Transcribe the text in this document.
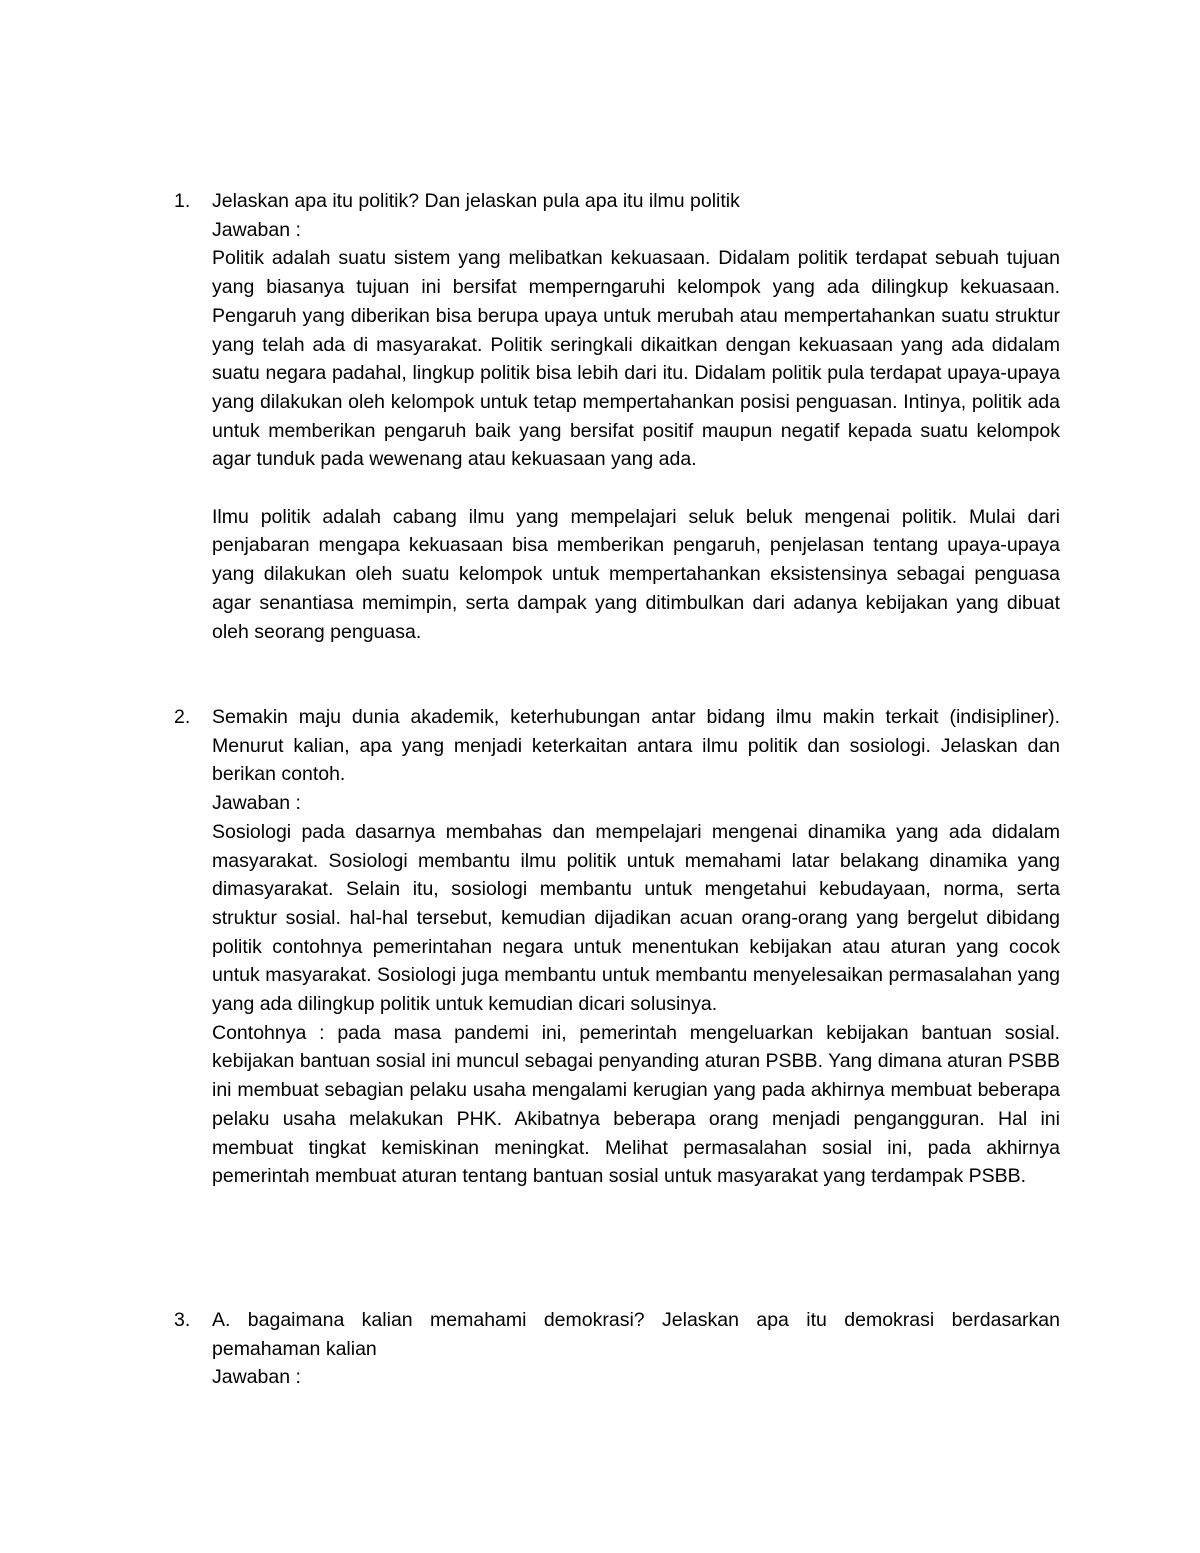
1.	Jelaskan apa itu politik? Dan jelaskan pula apa itu ilmu politik
Jawaban :
Politik adalah suatu sistem yang melibatkan kekuasaan. Didalam politik terdapat sebuah tujuan yang biasanya tujuan ini bersifat memperngaruhi kelompok yang ada dilingkup kekuasaan. Pengaruh yang diberikan bisa berupa upaya untuk merubah atau mempertahankan suatu struktur yang telah ada di masyarakat. Politik seringkali dikaitkan dengan kekuasaan yang ada didalam suatu negara padahal, lingkup politik bisa lebih dari itu. Didalam politik pula terdapat upaya-upaya yang dilakukan oleh kelompok untuk tetap mempertahankan posisi penguasan. Intinya, politik ada untuk memberikan pengaruh baik yang bersifat positif maupun negatif kepada suatu kelompok agar tunduk pada wewenang atau kekuasaan yang ada.
Ilmu politik adalah cabang ilmu yang mempelajari seluk beluk mengenai politik. Mulai dari penjabaran mengapa kekuasaan bisa memberikan pengaruh, penjelasan tentang upaya-upaya yang dilakukan oleh suatu kelompok untuk mempertahankan eksistensinya sebagai penguasa agar senantiasa memimpin, serta dampak yang ditimbulkan dari adanya kebijakan yang dibuat oleh seorang penguasa.
2.	Semakin maju dunia akademik, keterhubungan antar bidang ilmu makin terkait (indisipliner). Menurut kalian, apa yang menjadi keterkaitan antara ilmu politik dan sosiologi. Jelaskan dan berikan contoh.
Jawaban :
Sosiologi pada dasarnya membahas dan mempelajari mengenai dinamika yang ada didalam masyarakat. Sosiologi membantu ilmu politik untuk memahami latar belakang dinamika yang dimasyarakat. Selain itu, sosiologi membantu untuk mengetahui kebudayaan, norma, serta struktur sosial. hal-hal tersebut, kemudian dijadikan acuan orang-orang yang bergelut dibidang politik contohnya pemerintahan negara untuk menentukan kebijakan atau aturan yang cocok untuk masyarakat. Sosiologi juga membantu untuk membantu menyelesaikan permasalahan yang yang ada dilingkup politik untuk kemudian dicari solusinya.
Contohnya : pada masa pandemi ini, pemerintah mengeluarkan kebijakan bantuan sosial. kebijakan bantuan sosial ini muncul sebagai penyanding aturan PSBB. Yang dimana aturan PSBB ini membuat sebagian pelaku usaha mengalami kerugian yang pada akhirnya membuat beberapa pelaku usaha melakukan PHK. Akibatnya beberapa orang menjadi pengangguran. Hal ini membuat tingkat kemiskinan meningkat. Melihat permasalahan sosial ini, pada akhirnya pemerintah membuat aturan tentang bantuan sosial untuk masyarakat yang terdampak PSBB.
3.	A. bagaimana kalian memahami demokrasi? Jelaskan apa itu demokrasi berdasarkan pemahaman kalian
Jawaban :
